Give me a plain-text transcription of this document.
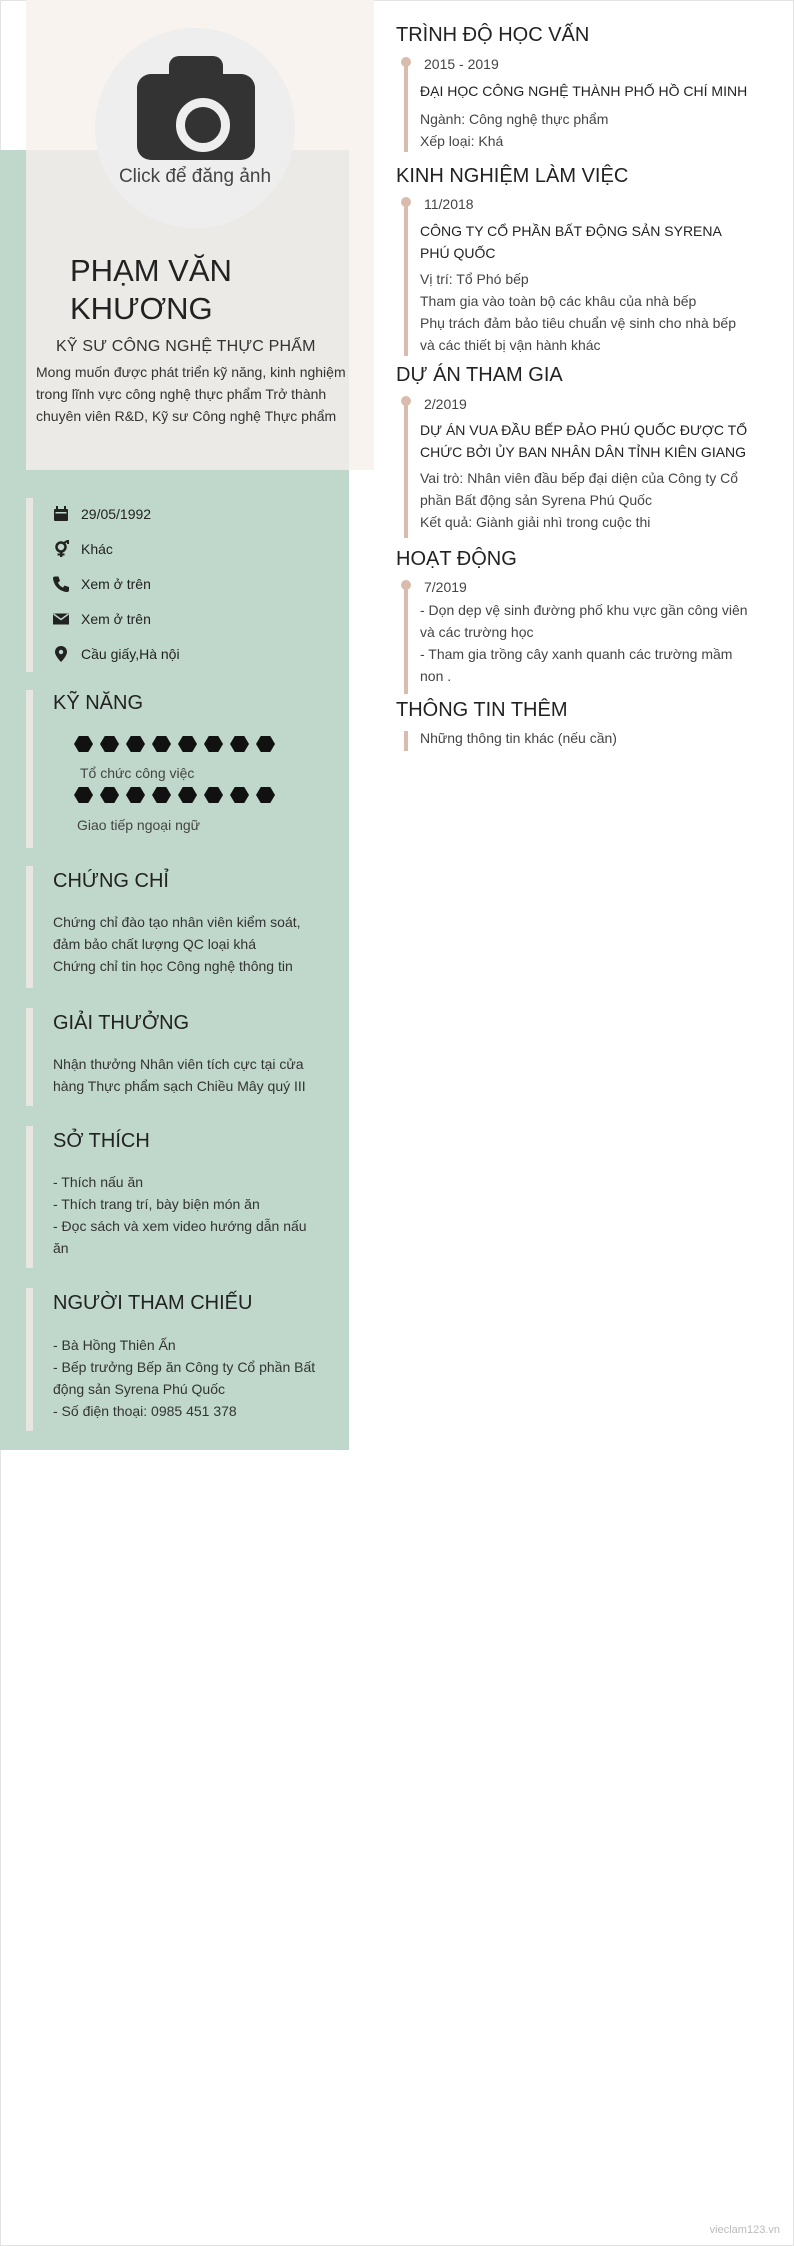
Click để đăng ảnh
PHẠM VĂN KHƯƠNG
KỸ SƯ CÔNG NGHỆ THỰC PHẨM
Mong muốn được phát triển kỹ năng, kinh nghiệm trong lĩnh vực công nghệ thực phẩm Trở thành chuyên viên R&D, Kỹ sư Công nghệ Thực phẩm
29/05/1992
Khác
Xem ở trên
Xem ở trên
Cầu giấy,Hà nội
KỸ NĂNG
Tổ chức công việc
Giao tiếp ngoại ngữ
CHỨNG CHỈ
Chứng chỉ đào tạo nhân viên kiểm soát, đảm bảo chất lượng QC loại khá
Chứng chỉ tin học Công nghệ thông tin
GIẢI THƯỞNG
Nhận thưởng Nhân viên tích cực tại cửa hàng Thực phẩm sạch Chiều Mây quý III
SỞ THÍCH
- Thích nấu ăn
- Thích trang trí, bày biện món ăn
- Đọc sách và xem video hướng dẫn nấu ăn
NGƯỜI THAM CHIẾU
- Bà Hồng Thiên Ấn
- Bếp trưởng Bếp ăn Công ty Cổ phần Bất động sản Syrena Phú Quốc
- Số điện thoại: 0985 451 378
TRÌNH ĐỘ HỌC VẤN
2015 - 2019
ĐẠI HỌC CÔNG NGHỆ THÀNH PHỐ HỒ CHÍ MINH
Ngành: Công nghệ thực phẩm
Xếp loại: Khá
KINH NGHIỆM LÀM VIỆC
11/2018
CÔNG TY CỔ PHẦN BẤT ĐỘNG SẢN SYRENA PHÚ QUỐC
Vị trí: Tổ Phó bếp
Tham gia vào toàn bộ các khâu của nhà bếp
Phụ trách đảm bảo tiêu chuẩn vệ sinh cho nhà bếp và các thiết bị vận hành khác
DỰ ÁN THAM GIA
2/2019
DỰ ÁN VUA ĐẦU BẾP ĐẢO PHÚ QUỐC ĐƯỢC TỔ CHỨC BỞI ỦY BAN NHÂN DÂN TỈNH KIÊN GIANG
Vai trò: Nhân viên đầu bếp đại diện của Công ty Cổ phần Bất động sản Syrena Phú Quốc
Kết quả: Giành giải nhì trong cuộc thi
HOẠT ĐỘNG
7/2019
- Dọn dẹp vệ sinh đường phố khu vực gần công viên và các trường học
- Tham gia trồng cây xanh quanh các trường mầm non .
THÔNG TIN THÊM
Những thông tin khác (nếu cần)
vieclam123.vn
